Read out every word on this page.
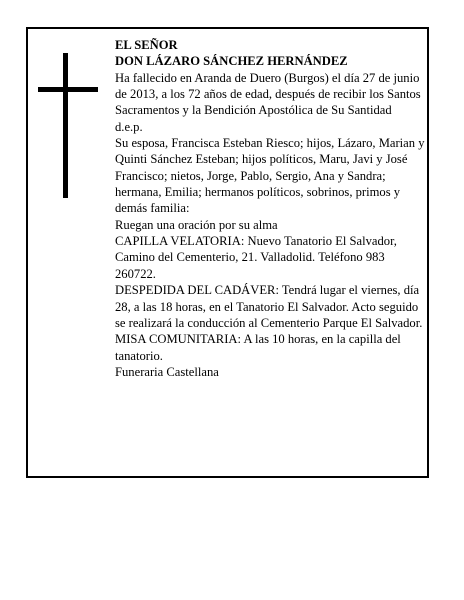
EL SEÑOR

DON LÁZARO SÁNCHEZ HERNÁNDEZ

Ha fallecido en Aranda de Duero (Burgos) el día 27 de junio de 2013, a los 72 años de edad, después de recibir los Santos Sacramentos y la Bendición Apostólica de Su Santidad

d.e.p.

Su esposa, Francisca Esteban Riesco; hijos, Lázaro, Marian y Quinti Sánchez Esteban; hijos políticos, Maru, Javi y José Francisco; nietos, Jorge, Pablo, Sergio, Ana y Sandra; hermana, Emilia; hermanos políticos, sobrinos, primos y demás familia:

Ruegan una oración por su alma

CAPILLA VELATORIA: Nuevo Tanatorio El Salvador, Camino del Cementerio, 21. Valladolid. Teléfono 983 260722.

DESPEDIDA DEL CADÁVER: Tendrá lugar el viernes, día 28, a las 18 horas, en el Tanatorio El Salvador. Acto seguido se realizará la conducción al Cementerio Parque El Salvador.

MISA COMUNITARIA: A las 10 horas, en la capilla del tanatorio.

Funeraria Castellana
